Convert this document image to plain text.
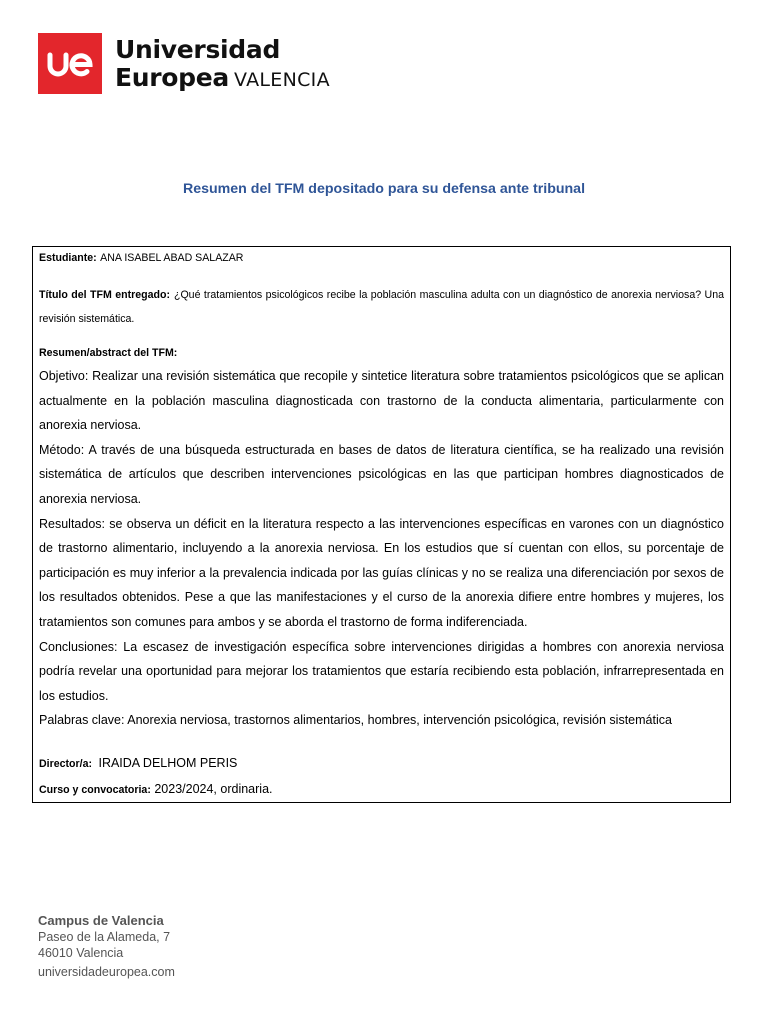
Universidad
Europea VALENCIA
Resumen del TFM depositado para su defensa ante tribunal
Estudiante: ANA ISABEL ABAD SALAZAR
Título del TFM entregado: ¿Qué tratamientos psicológicos recibe la población masculina adulta con un diagnóstico de anorexia nerviosa? Una revisión sistemática.
Resumen/abstract del TFM:

Objetivo: Realizar una revisión sistemática que recopile y sintetice literatura sobre tratamientos psicológicos que se aplican actualmente en la población masculina diagnosticada con trastorno de la conducta alimentaria, particularmente con anorexia nerviosa.

Método: A través de una búsqueda estructurada en bases de datos de literatura científica, se ha realizado una revisión sistemática de artículos que describen intervenciones psicológicas en las que participan hombres diagnosticados de anorexia nerviosa.

Resultados: se observa un déficit en la literatura respecto a las intervenciones específicas en varones con un diagnóstico de trastorno alimentario, incluyendo a la anorexia nerviosa. En los estudios que sí cuentan con ellos, su porcentaje de participación es muy inferior a la prevalencia indicada por las guías clínicas y no se realiza una diferenciación por sexos de los resultados obtenidos. Pese a que las manifestaciones y el curso de la anorexia difiere entre hombres y mujeres, los tratamientos son comunes para ambos y se aborda el trastorno de forma indiferenciada.

Conclusiones: La escasez de investigación específica sobre intervenciones dirigidas a hombres con anorexia nerviosa podría revelar una oportunidad para mejorar los tratamientos que estaría recibiendo esta población, infrarrepresentada en los estudios.

Palabras clave: Anorexia nerviosa, trastornos alimentarios, hombres, intervención psicológica, revisión sistemática

Director/a: IRAIDA DELHOM PERIS
Curso y convocatoria: 2023/2024, ordinaria.
Campus de Valencia
Paseo de la Alameda, 7
46010 Valencia
universidadeuropea.com
